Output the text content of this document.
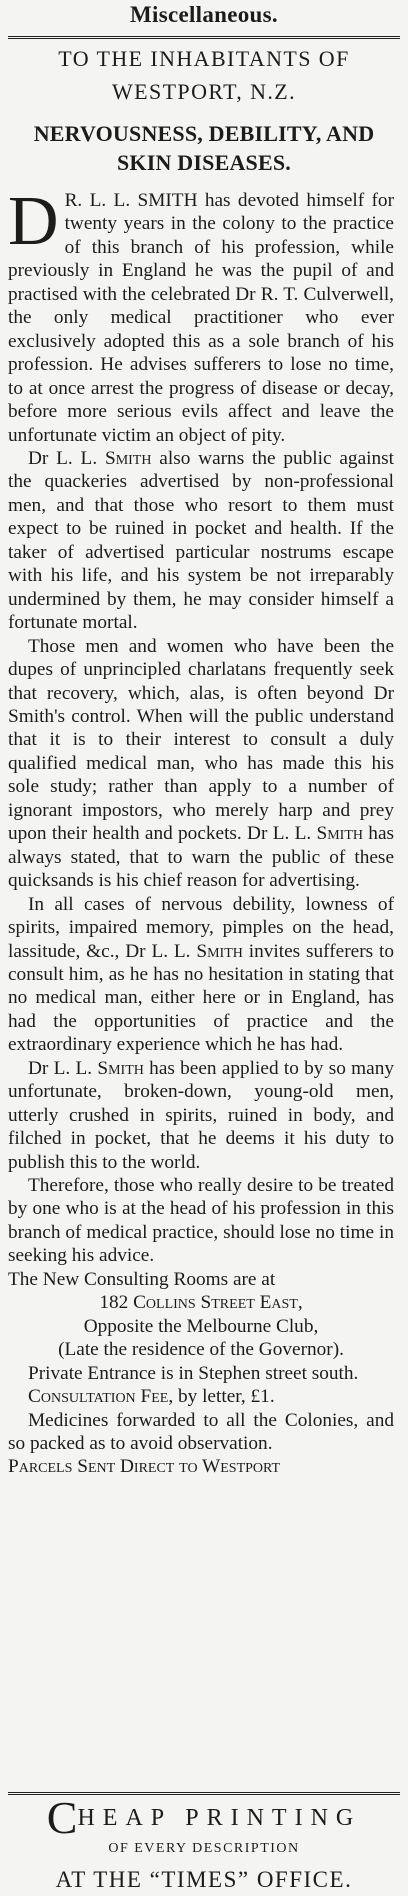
Miscellaneous.
TO THE INHABITANTS OF
WESTPORT, N.Z.
NERVOUSNESS, DEBILITY, AND
SKIN DISEASES.

D R. L. L. SMITH has devoted himself for twenty years in the colony to the practice of this branch of his profession, while previously in England he was the pupil of and practised with the celebrated Dr R. T. Culverwell, the only medical practitioner who ever exclusively adopted this as a sole branch of his profession. He advises sufferers to lose no time, to at once arrest the progress of disease or decay, before more serious evils affect and leave the unfortunate victim an object of pity.

Dr L. L. Smith also warns the public against the quackeries advertised by non-professional men, and that those who resort to them must expect to be ruined in pocket and health. If the taker of advertised particular nostrums escape with his life, and his system be not irreparably undermined by them, he may consider himself a fortunate mortal.

Those men and women who have been the dupes of unprincipled charlatans frequently seek that recovery, which, alas, is often beyond Dr Smith's control. When will the public understand that it is to their interest to consult a duly qualified medical man, who has made this his sole study; rather than apply to a number of ignorant impostors, who merely harp and prey upon their health and pockets. Dr L. L. Smith has always stated, that to warn the public of these quicksands is his chief reason for advertising.

In all cases of nervous debility, lowness of spirits, impaired memory, pimples on the head, lassitude, &c., Dr L. L. Smith invites sufferers to consult him, as he has no hesitation in stating that no medical man, either here or in England, has had the opportunities of practice and the extraordinary experience which he has had.

Dr L. L. Smith has been applied to by so many unfortunate, broken-down, young-old men, utterly crushed in spirits, ruined in body, and filched in pocket, that he deems it his duty to publish this to the world.

Therefore, those who really desire to be treated by one who is at the head of his profession in this branch of medical practice, should lose no time in seeking his advice.

The New Consulting Rooms are at

182 Collins Street East,
Opposite the Melbourne Club,
(Late the residence of the Governor).

Private Entrance is in Stephen street south.

Consultation Fee, by letter, £1.

Medicines forwarded to all the Colonies, and so packed as to avoid observation.

Parcels Sent Direct to Westport

CHEAP PRINTING
OF EVERY DESCRIPTION
AT THE “TIMES” OFFICE.
